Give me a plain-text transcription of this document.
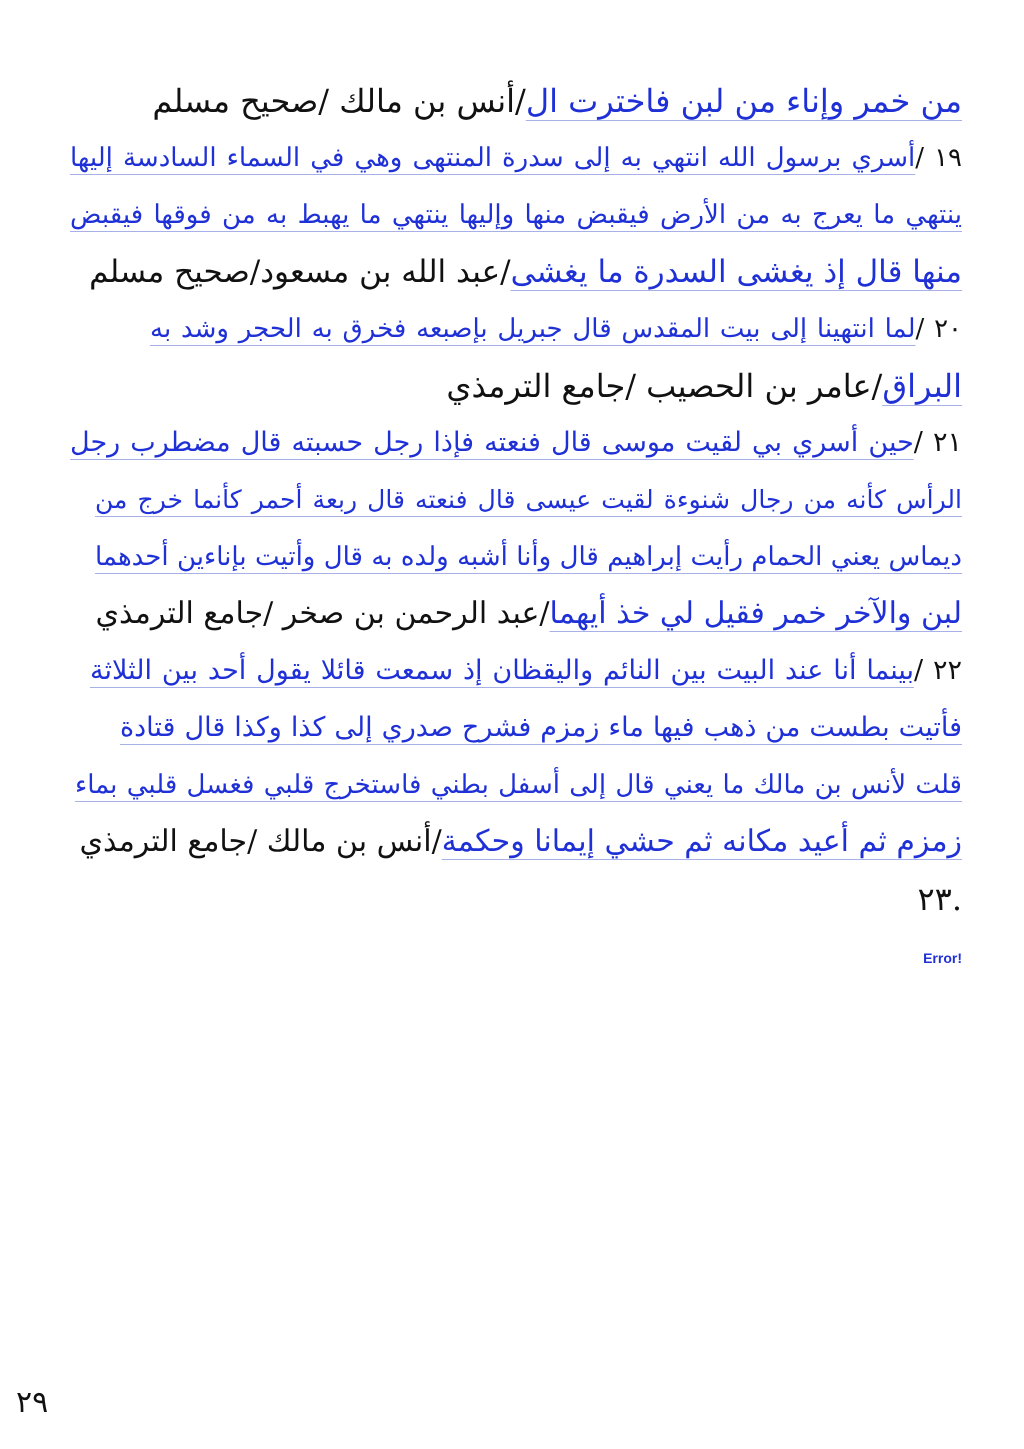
من خمر وإناء من لبن فاخترت ال/أنس بن مالك /صحيح مسلم
١٩ /أسري برسول الله انتهي به إلى سدرة المنتهى وهي في السماء السادسة إليها
ينتهي ما يعرج به من الأرض فيقبض منها وإليها ينتهي ما يهبط به من فوقها فيقبض
منها قال إذ يغشى السدرة ما يغشى/عبد الله بن مسعود/صحيح مسلم
٢٠ /لما انتهينا إلى بيت المقدس قال جبريل بإصبعه فخرق به الحجر وشد به
البراق/عامر بن الحصيب /جامع الترمذي
٢١ /حين أسري بي لقيت موسى قال فنعته فإذا رجل حسبته قال مضطرب رجل
الرأس كأنه من رجال شنوءة لقيت عيسى قال فنعته قال ربعة أحمر كأنما خرج من
ديماس يعني الحمام رأيت إبراهيم قال وأنا أشبه ولده به قال وأتيت بإناءين أحدهما
لبن والآخر خمر فقيل لي خذ أيهما/عبد الرحمن بن صخر /جامع الترمذي
٢٢ /بينما أنا عند البيت بين النائم واليقظان إذ سمعت قائلا يقول أحد بين الثلاثة
فأتيت بطست من ذهب فيها ماء زمزم فشرح صدري إلى كذا وكذا قال قتادة
قلت لأنس بن مالك ما يعني قال إلى أسفل بطني فاستخرج قلبي فغسل قلبي بماء
زمزم ثم أعيد مكانه ثم حشي إيمانا وحكمة/أنس بن مالك /جامع الترمذي
.٢٣
Error!
٢٩
